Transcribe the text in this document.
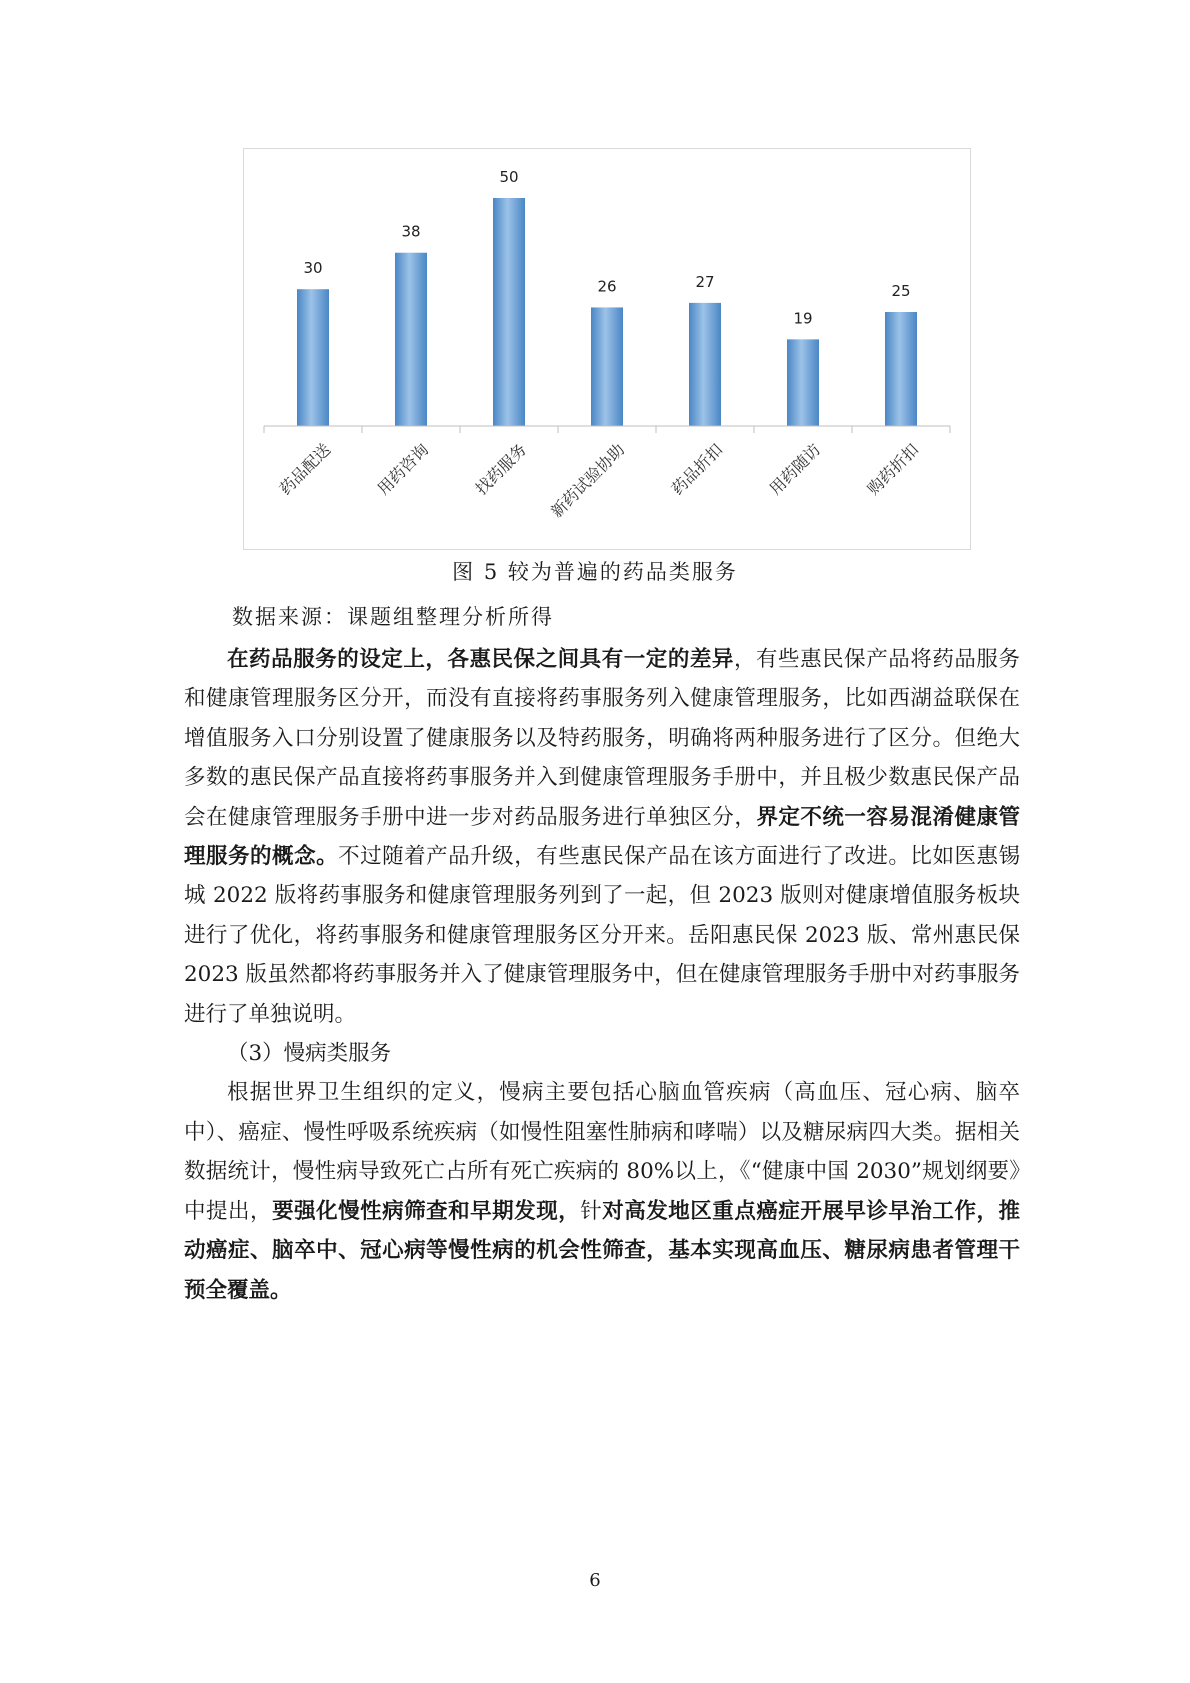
30
药品配送
38
用药咨询
50
找药服务
26
新药试验协助
27
药品折扣
19
用药随访
25
购药折扣
图 5 较为普遍的药品类服务
数据来源：课题组整理分析所得

在药品服务的设定上，各惠民保之间具有一定的差异，有些惠民保产品将药品服务和健康管理服务区分开，而没有直接将药事服务列入健康管理服务，比如西湖益联保在增值服务入口分别设置了健康服务以及特药服务，明确将两种服务进行了区分。但绝大多数的惠民保产品直接将药事服务并入到健康管理服务手册中，并且极少数惠民保产品会在健康管理服务手册中进一步对药品服务进行单独区分，界定不统一容易混淆健康管理服务的概念。不过随着产品升级，有些惠民保产品在该方面进行了改进。比如医惠锡城 2022 版将药事服务和健康管理服务列到了一起，但 2023 版则对健康增值服务板块进行了优化，将药事服务和健康管理服务区分开来。岳阳惠民保 2023 版、常州惠民保 2023 版虽然都将药事服务并入了健康管理服务中，但在健康管理服务手册中对药事服务进行了单独说明。

（3）慢病类服务

根据世界卫生组织的定义，慢病主要包括心脑血管疾病（高血压、冠心病、脑卒中）、癌症、慢性呼吸系统疾病（如慢性阻塞性肺病和哮喘）以及糖尿病四大类。据相关数据统计，慢性病导致死亡占所有死亡疾病的 80%以上，《“健康中国 2030”规划纲要》中提出，要强化慢性病筛查和早期发现，针对高发地区重点癌症开展早诊早治工作，推动癌症、脑卒中、冠心病等慢性病的机会性筛查，基本实现高血压、糖尿病患者管理干预全覆盖。

6
